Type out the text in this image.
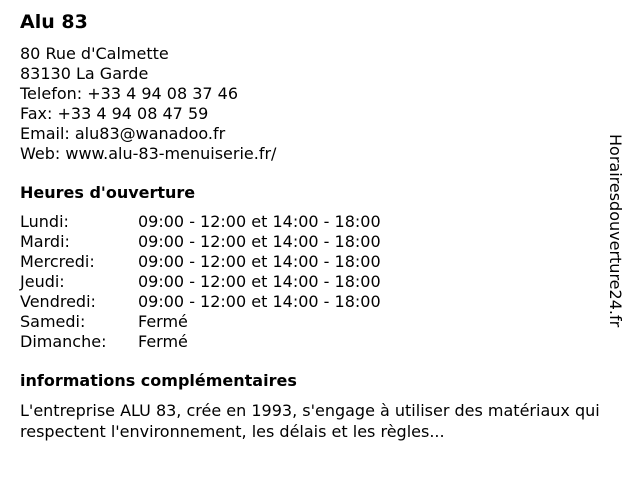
Alu 83
80 Rue d'Calmette
83130 La Garde
Telefon: +33 4 94 08 37 46
Fax: +33 4 94 08 47 59
Email: alu83@wanadoo.fr
Web: www.alu-83-menuiserie.fr/
Heures d'ouverture
Lundi:	09:00 - 12:00 et 14:00 - 18:00
Mardi:	09:00 - 12:00 et 14:00 - 18:00
Mercredi:	09:00 - 12:00 et 14:00 - 18:00
Jeudi:	09:00 - 12:00 et 14:00 - 18:00
Vendredi:	09:00 - 12:00 et 14:00 - 18:00
Samedi:	Fermé
Dimanche:	Fermé
informations complémentaires
L'entreprise ALU 83, crée en 1993, s'engage à utiliser des matériaux qui respectent l'environnement, les délais et les règles...
Horairesdouverture24.fr
